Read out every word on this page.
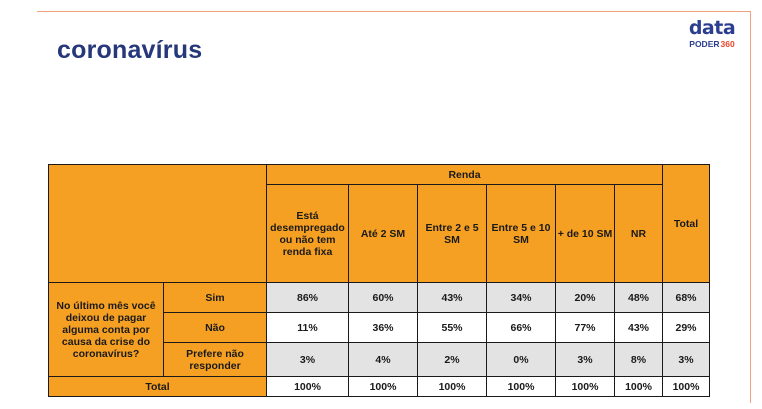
coronavírus
data
PODER360
		Renda						Total
		Está desempregado ou não tem renda fixa	Até 2 SM	Entre 2 e 5 SM	Entre 5 e 10 SM	+ de 10 SM	NR	
No último mês você deixou de pagar alguma conta por causa da crise do coronavírus?	Sim	86%	60%	43%	34%	20%	48%	68%
	Não	11%	36%	55%	66%	77%	43%	29%
	Prefere não responder	3%	4%	2%	0%	3%	8%	3%
Total		100%	100%	100%	100%	100%	100%	100%
